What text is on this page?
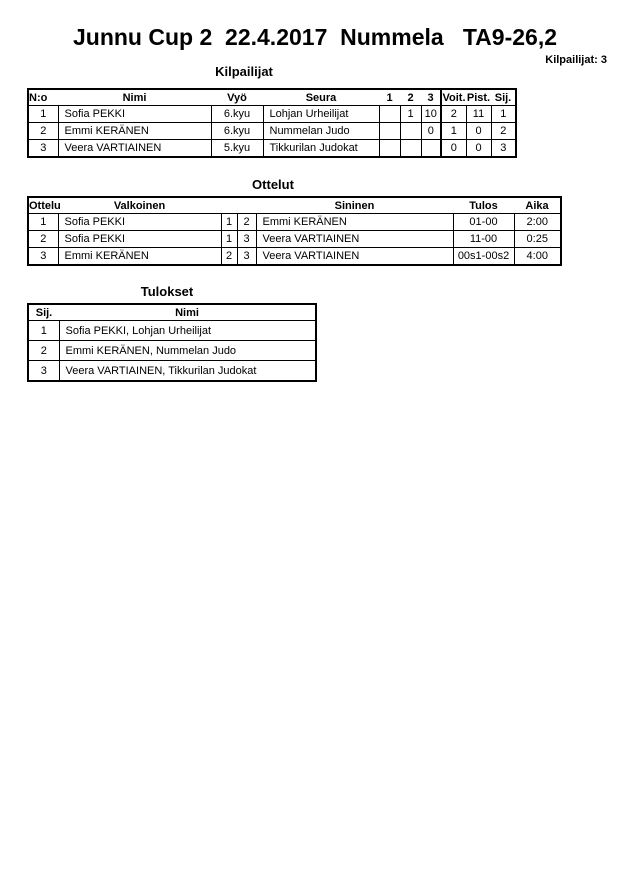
Junnu Cup 2  22.4.2017  Nummela   TA9-26,2
Kilpailijat: 3
Kilpailijat
N:o	Nimi	Vyö	Seura	1	2	3	Voit.	Pist.	Sij.
1	Sofia PEKKI	6.kyu	Lohjan Urheilijat		1	10	2	11	1
2	Emmi KERÄNEN	6.kyu	Nummelan Judo			0	1	0	2
3	Veera VARTIAINEN	5.kyu	Tikkurilan Judokat				0	0	3
Ottelut
Ottelu	Valkoinen			Sininen	Tulos	Aika
1	Sofia PEKKI	1	2	Emmi KERÄNEN	01-00	2:00
2	Sofia PEKKI	1	3	Veera VARTIAINEN	11-00	0:25
3	Emmi KERÄNEN	2	3	Veera VARTIAINEN	00s1-00s2	4:00
Tulokset
Sij.	Nimi
1	Sofia PEKKI, Lohjan Urheilijat
2	Emmi KERÄNEN, Nummelan Judo
3	Veera VARTIAINEN, Tikkurilan Judokat
